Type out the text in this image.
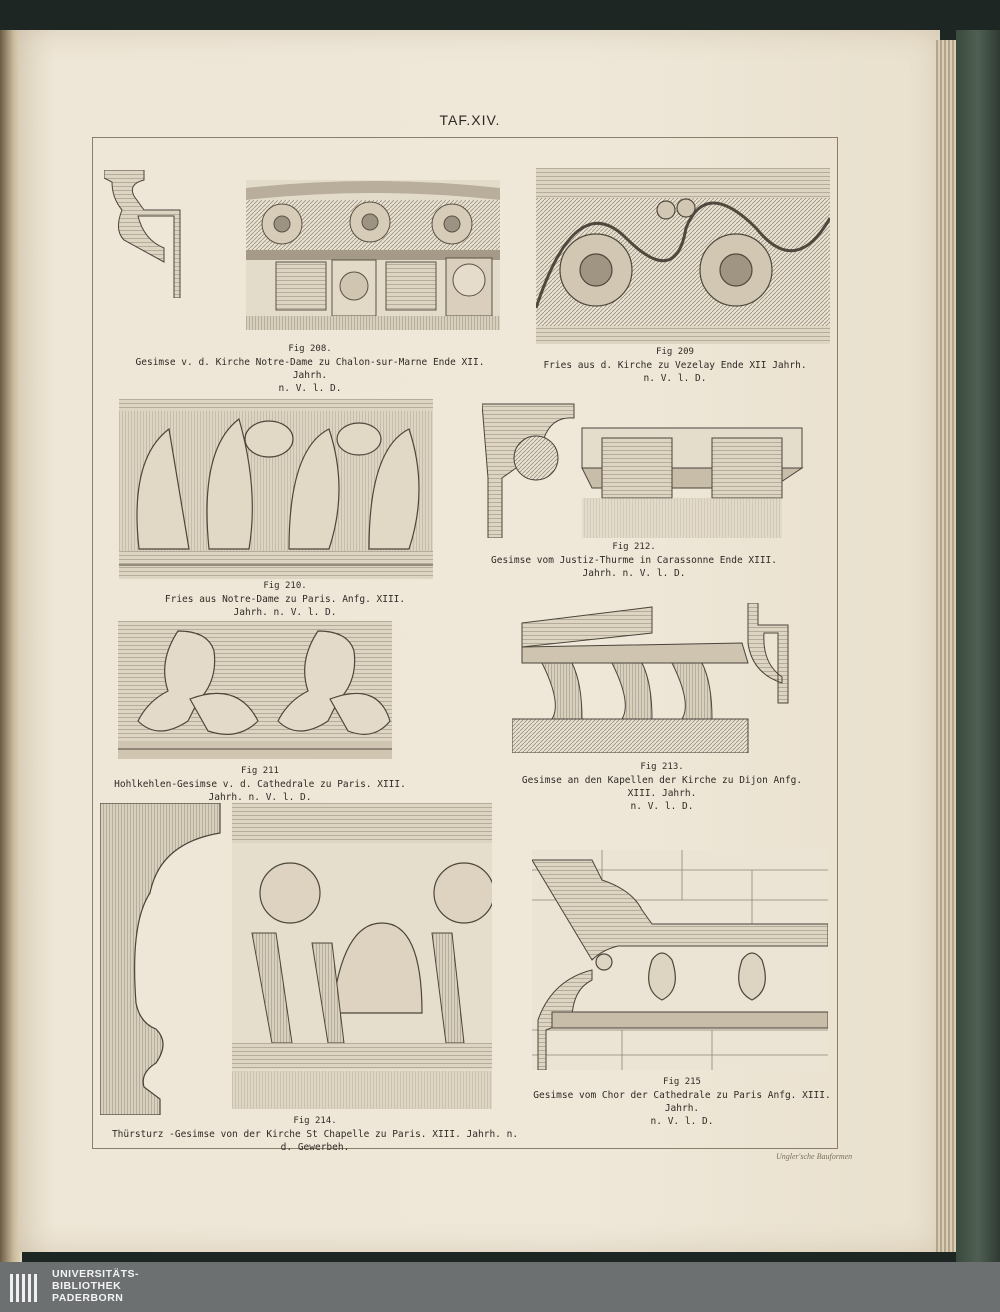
TAF.XIV.
Fig 208.
Gesimse v. d. Kirche Notre-Dame zu Chalon-sur-Marne Ende XII. Jahrh.
n. V. l. D.
Fig 209
Fries aus d. Kirche zu Vezelay Ende XII Jahrh. n. V. l. D.
Fig 210.
Fries aus Notre-Dame zu Paris. Anfg. XIII. Jahrh. n. V. l. D.
Fig 212.
Gesimse vom Justiz-Thurme in Carassonne Ende XIII. Jahrh. n. V. l. D.
Fig 211
Hohlkehlen-Gesimse v. d. Cathedrale zu Paris. XIII. Jahrh. n. V. l. D.
Fig 213.
Gesimse an den Kapellen der Kirche zu Dijon Anfg. XIII. Jahrh.
n. V. l. D.
Fig 214.
Thürsturz -Gesimse von der Kirche St Chapelle zu Paris. XIII. Jahrh. n. d. Gewerbeh.
Fig 215
Gesimse vom Chor der Cathedrale zu Paris Anfg. XIII. Jahrh.
n. V. l. D.
Ungler'sche Bauformen
UNIVERSITÄTS-
BIBLIOTHEK
PADERBORN
